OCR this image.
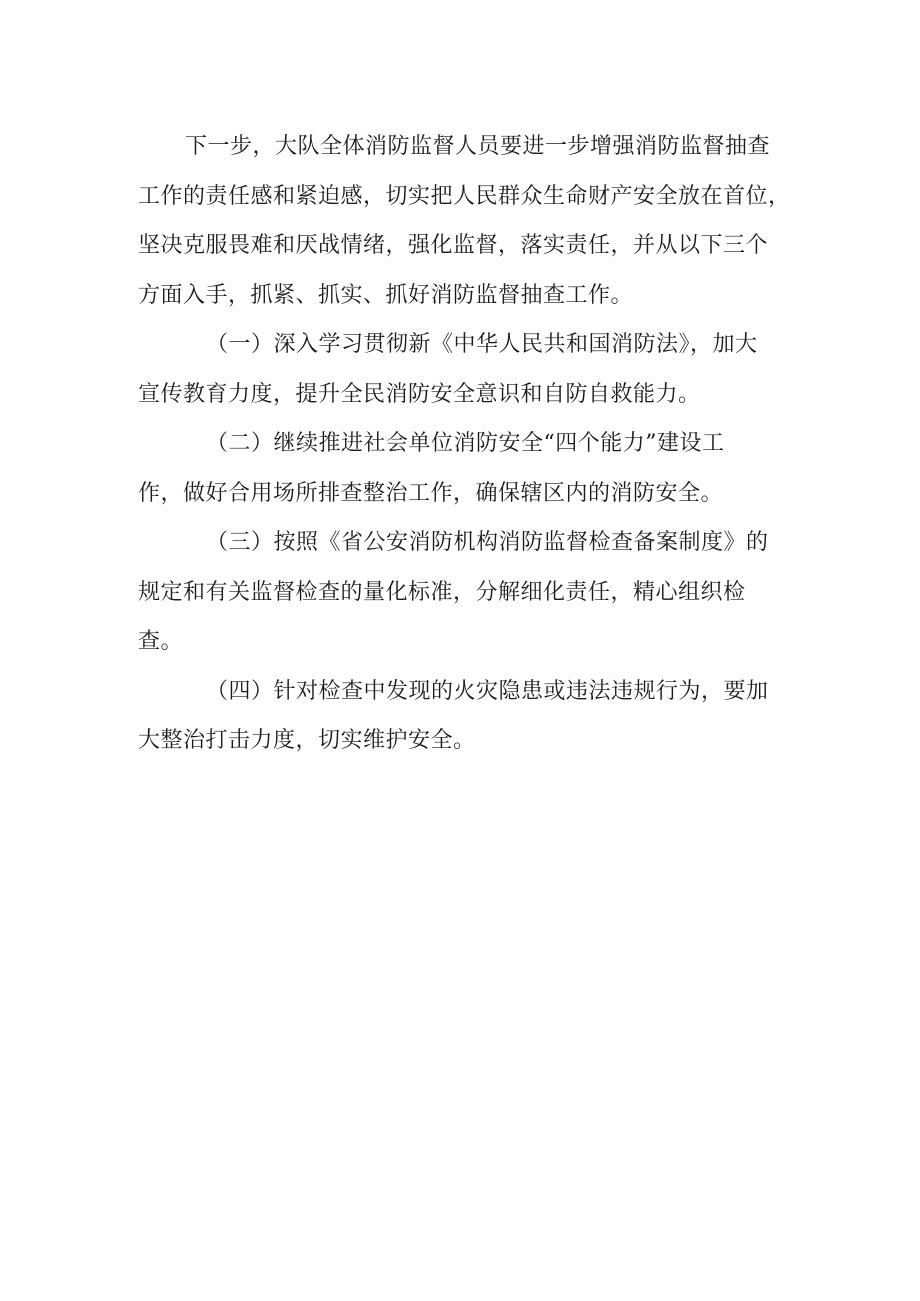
下一步，大队全体消防监督人员要进一步增强消防监督抽查
工作的责任感和紧迫感，切实把人民群众生命财产安全放在首位，
坚决克服畏难和厌战情绪，强化监督，落实责任，并从以下三个
方面入手，抓紧、抓实、抓好消防监督抽查工作。
（一）深入学习贯彻新《中华人民共和国消防法》，加大
宣传教育力度，提升全民消防安全意识和自防自救能力。
（二）继续推进社会单位消防安全“四个能力”建设工
作，做好合用场所排查整治工作，确保辖区内的消防安全。
（三）按照《省公安消防机构消防监督检查备案制度》的
规定和有关监督检查的量化标准，分解细化责任，精心组织检
查。
（四）针对检查中发现的火灾隐患或违法违规行为，要加
大整治打击力度，切实维护安全。
